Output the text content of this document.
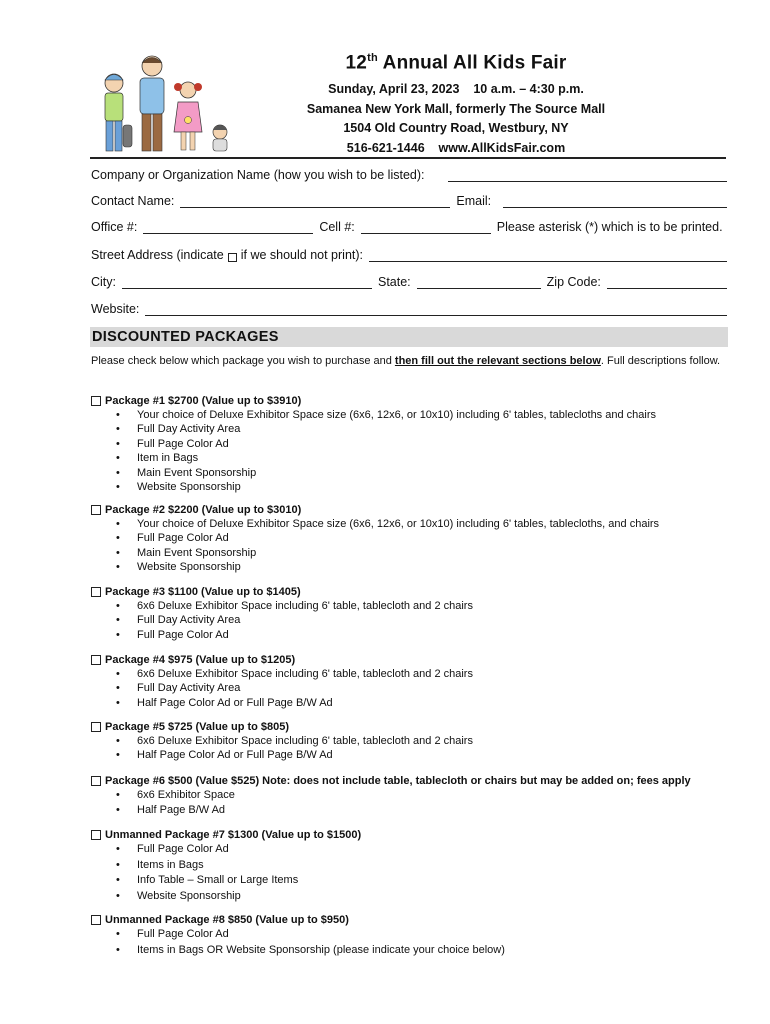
12th Annual All Kids Fair

Sunday, April 23, 2023    10 a.m. – 4:30 p.m.

Samanea New York Mall, formerly The Source Mall

1504 Old Country Road, Westbury, NY

516-621-1446    www.AllKidsFair.com

Company or Organization Name (how you wish to be listed):
Contact Name:	Email:
Office #:	Cell #:	Please asterisk (*) which is to be printed.
Street Address (indicate if we should not print):
City:	State:	Zip Code:
Website:
DISCOUNTED PACKAGES
Please check below which package you wish to purchase and then fill out the relevant sections below. Full descriptions follow.
Package #1 $2700 (Value up to $3910)
• Your choice of Deluxe Exhibitor Space size (6x6, 12x6, or 10x10) including 6' tables, tablecloths and chairs
• Full Day Activity Area
• Full Page Color Ad
• Item in Bags
• Main Event Sponsorship
• Website Sponsorship
Package #2 $2200 (Value up to $3010)
• Your choice of Deluxe Exhibitor Space size (6x6, 12x6, or 10x10) including 6' tables, tablecloths, and chairs
• Full Page Color Ad
• Main Event Sponsorship
• Website Sponsorship
Package #3 $1100 (Value up to $1405)
• 6x6 Deluxe Exhibitor Space including 6' table, tablecloth and 2 chairs
• Full Day Activity Area
• Full Page Color Ad
Package #4 $975 (Value up to $1205)
• 6x6 Deluxe Exhibitor Space including 6' table, tablecloth and 2 chairs
• Full Day Activity Area
• Half Page Color Ad or Full Page B/W Ad
Package #5 $725 (Value up to $805)
• 6x6 Deluxe Exhibitor Space including 6' table, tablecloth and 2 chairs
• Half Page Color Ad or Full Page B/W Ad
Package #6 $500 (Value $525) Note: does not include table, tablecloth or chairs but may be added on; fees apply
• 6x6 Exhibitor Space
• Half Page B/W Ad
Unmanned Package #7 $1300 (Value up to $1500)
• Full Page Color Ad
• Items in Bags
• Info Table – Small or Large Items
• Website Sponsorship
Unmanned Package #8 $850 (Value up to $950)
• Full Page Color Ad
• Items in Bags OR Website Sponsorship (please indicate your choice below)
